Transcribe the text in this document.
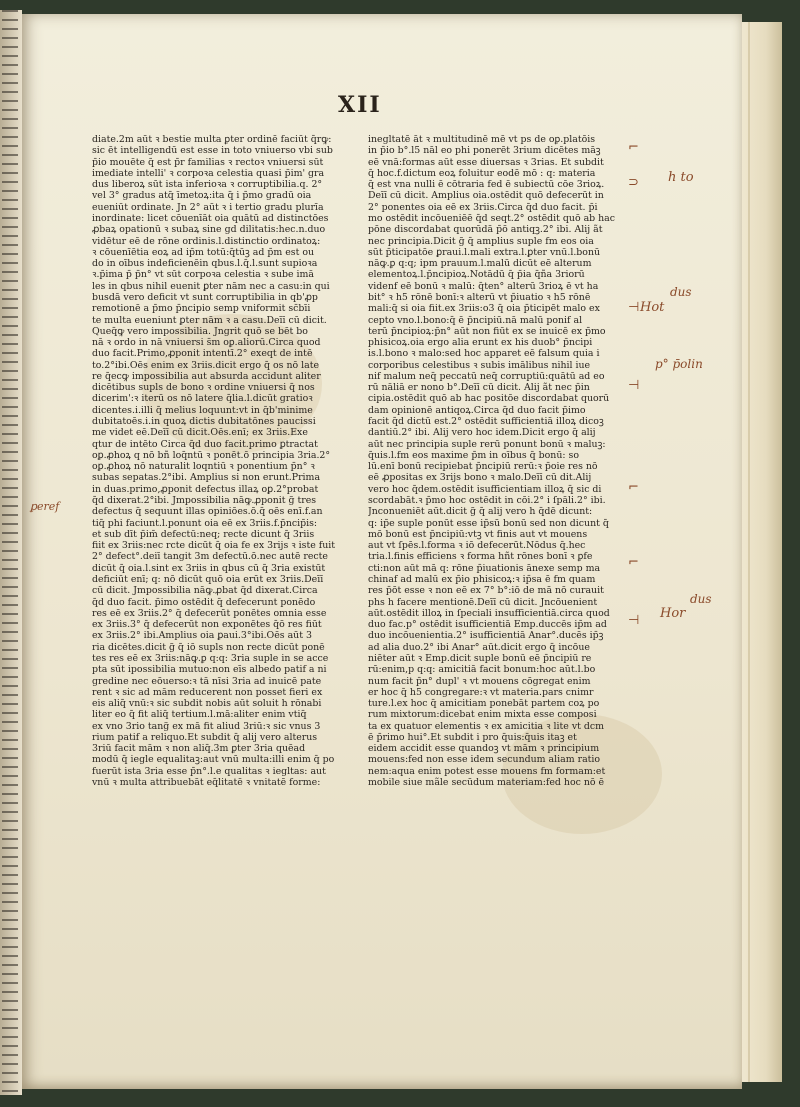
XII

diate.2m aūt ꝛ bestie multa ꝑter ordinē faciūt q̄rꝙ:

sic ēt intelligendū est esse in toto vniuerso vbi sub

p̄io mouēte q̄ est p̄r familias ꝛ rectoꝛ vniuersi sūt

imediate intelli' ꝛ corpoꝛa celestia quasi p̄im' gra

dus liberoꝝ sūt ista inferioꝛa ꝛ corruptibilia.q. 2°

vel 3° gradus atq̄ īmetoꝝ:ita q̄ i p̄mo gradū oia

eueniūt ordinate. Jn 2° aūt ꝛ i tertio gradu plurīa

inordinate: licet cōuenīāt oia quātū ad distinctōes

ꝓbaꝝ opationū ꝛ subaꝝ sine gd dilitatis:hec.n.duo

vidētur eē de rōne ordinis.l.distinctio ordinatoꝝ:

ꝛ cōuenīētia eoꝝ ad ip̄m totū:q̄tūꝫ ad p̄m est ou

do in oībus indeficienēin qbus.l.q̄.l.sunt supioꝛa

ꝛ.p̄ima p̄ p̄n° vt sūt corpoꝛa celestia ꝛ sube imā

les in qbus nihil euenit ꝑter nām nec a casu:in qui

busdā vero deficit vt sunt corruptibilia in qb'ꝓp

remotionē a p̄mo p̄ncipio semp vniformit sc̄bīi

te multa eueniunt ꝑter nām ꝛ a casu.Deīī cū dicit.

Queq̄ꝙ vero impossibilia. Jngrit quō se bēt bo

nā ꝛ ordo in nā vniuersi s̄m oꝑ.aliorū.Circa quod

duo facit.Primo,ꝓponit intentī.2° exeqt̄ de intē

to.2°ibi.Oēs enim ex 3riis.dicit ergo q̄ os nō late

re q̄ecꝙ impossibilia aut absurda accidunt aliter

dicētibus supls de bono ꝛ ordine vniuersi q̄ nos

dicerim':ꝛ iterū os nō latere q̄lia.l.dicūt gratioꝛ

dicentes.i.illi q̄ melius loquunt:vt in q̄b'minime

dubitatoēs.i.in quoꝝ dictis dubitatōnes paucissi

me videt eē.Deīī cū dicit.Oēs.enī; ex 3riis.Exe

qtur de intēto Circa q̄d duo facit.primo ꝑtractat

oꝑ.ꝓhoꝝ q nō bñ loq̄ntū ꝛ ponēt.ō principia 3ria.2°

oꝑ.ꝓhoꝝ nō naturalit loqntiū ꝛ ponentium p̄n° ꝛ

subas sepatas.2°ibi. Amplius si non erunt.Prima

in duas.primo,ꝓponit defectus illaꝝ oꝑ.2°probat

q̄d dixerat.2°ibi. Jmpossibilia nāꝙ.ꝓponit g̃ tres

defectus q̄ sequunt illas opiniōes.ō.q̄ oēs enī.f.an

tiq̄ phi faciunt.l.ponunt oia eē ex 3riis.f.p̄ncip̄is:

et sub dīt p̄im̄ defectū:neq; recte dicunt q̄ 3riis

fiit ex 3riis:nec rcte dicūt q̄ oia fe ex 3rijs ꝛ iste fuit

2° defect°.deiī tangit 3m defectū.ō.nec autē recte

dicūt q̄ oia.l.sint ex 3riis in qbus cū q̄ 3ria existūt

deficiūt enī; q: nō dicūt quō oia erūt ex 3riis.Deīī

cū dicit. Jmpossibilia nāꝙ.ꝓbat q̄d dixerat.Circa

q̄d duo facit. p̄imo ostēdit q̄ defecerunt ponēdo

res eē ex 3riis.2° q̄ defecerūt ponētes omnia esse

ex 3riis.3° q̄ defecerūt non exponētes q̄ō res fiūt

ex 3riis.2° ibi.Amplius oia ꝑaui.3°ibi.Oēs aūt 3

ria dicētes.dicit g̃ q̄ iō supls non recte dicūt ponē

tes res eē ex 3riis:nāꝙ.ꝑ q:q: 3ria suple in se acce

pta sūt ipossibilia mutuo:non eīs albedo patif a ni

gredine nec eōuerso:ꝛ tā nīsi 3ria ad inuicē pate

rent ꝛ sic ad mām reducerent non posset fieri ex

eis aliq̄ vnū:ꝛ sic subdit nobis aūt soluit h̄ rōnabi

liter eo q̄ fit aliq̄ tertium.l.mā:aliter enim vtiq̄

ex vno 3rio tang̃ ex mā fit aliud 3riū:ꝛ sic vnus 3

rium patif a reliquo.Et subdit q̄ alij vero alterus

3riū facit mām ꝛ non aliq̄.3m ꝑter 3ria quēad

modū q̄ iegle equalitaꝫ:aut vnū multa:illi enim q̄ po

fuerūt ista 3ria esse p̄n°.l.e qualitas ꝛ iegltas: aut

vnū ꝛ multa attribuebāt eq̄litatē ꝛ vnitatē forme:

inegltatē āt ꝛ multitudinē mē vt ps de oꝑ.platōis

in p̄io b°.l5 nāl eo phi ponerēt 3rium dicētes māꝫ

eē vnā:formas aūt esse diuersas ꝛ 3rias. Et subdit

q̄ hoc.f.dictum eoꝝ foluitur eodē mō : q: materia

q̄ est vna nulli ē cōtraria fed ē subiectū cōe 3rioꝝ.

Deīī cū dicit. Amplius oia.ostēdit quō defecerūt in

2° ponentes oia eē ex 3riis.Circa q̄d duo facit. p̄i

mo ostēdit incōueniēē q̄d seqt.2° ostēdit quō ab hac

pōne discordabat quorūdā p̄ō antiqꝫ.2° ibi. Alij ãt

nec principia.Dicit g̃ q̄ amplius suple fm eos oia

sūt p̄ticipatōe ꝑraui.l.mali extra.l.ꝑter vnū.l.bonū

nāꝙ.ꝑ q:q; ipm prauum.l.malū dicūt eē alterum

elementoꝝ.l.p̄ncipioꝝ.Notādū q̄ p̄ia q̄ña 3riorū

videnf eē bonū ꝛ malū: q̄ten° alterū 3rioꝝ ē vt ha

bit° ꝛ h5 rōnē bonī:ꝛ alterū vt p̄iuatio ꝛ h5 rōnē

mali:q̄ si oia fiit.ex 3riis:o3 q̄ oia p̄ticipēt malo ex

cepto vno.l.bono:q̄ ē p̄ncipiū.nā malū ponif al

terū p̄ncipioꝝ:p̄n° aūt non fiūt ex se inuicē ex p̄mo

phisicoꝝ.oia ergo alia erunt ex his duob° p̄ncipi

is.l.bono ꝛ malo:sed hoc apparet eē falsum quia i

corporibus celestibus ꝛ subis imālibus nihil iue

nif malum neq̄ peccatū neq̄ corruptiū:quātū ad eo

rū nāliā er nono b°.Deīī cū dicit. Alij ãt nec p̄in

cipia.ostēdit quō ab hac positōe discordabat quorū

dam opinionē antiqoꝝ.Circa q̄d duo facit p̄imo

facit q̄d dictū est.2° ostēdit sufficientiā illoꝝ dicoꝫ

dantiū.2° ibi. Alij vero hoc idem.Dicit ergo q̄ alij

aūt nec principia suple rerū ponunt bonū ꝛ maluꝫ:

q̄uis.l.fm eos maxime p̄m in oībus q̄ bonū: so

lū.enī bonū recipiebat p̄ncipiū rerū:ꝛ p̄oie res nō

eē ꝓpositas ex 3rijs bono ꝛ malo.Deīī cū dit.Alij

vero hoc q̄dem.ostēdit isufficientiam illoꝝ q̄ sic di

scordabāt.ꝛ p̄mo hoc ostēdit in cōi.2° i ſpāli.2° ibi.

Jnconueniēt aūt.dicit g̃ q̄ alij vero h q̄dē dicunt:

q: ip̄e suple ponūt esse ip̄sū bonū sed non dicunt q̄

mō bonū est p̄ncipiū:vtꝫ vt finis aut vt mouens

aut vt ſpēs.l.forma ꝛ iō defecerūt.Nōdus q̄.hec

tria.l.finis efficiens ꝛ forma hñt rōnes bonī ꝛ ꝑfe

cti:non aūt mā q: rōne p̄iuationis ānexe semp ma

chinaf ad malū ex p̄io phisicoꝝ:ꝛ ip̄sa ē fm quam

res p̄ōt esse ꝛ non eē ex 7° b°:iō de mā nō curauit

ph̄s h facere mentionē.Deīī cū dicit. Jncōuenient

aūt.ostēdit illoꝝ in ſpeciali insufficientiā.circa quod

duo fac.p° ostēdit isufficientiā Emp.duccēs ip̄m ad

duo incōuenientia.2° isufficientiā Anar°.ducēs ip̄ꝫ

ad alia duo.2° ibi Anar° aūt.dicit ergo q̄ incōue

niēter aūt ꝛ Emp.dicit suple bonū eē p̄ncipiū re

rū:enim,p q:q: amicitiā facit bonum:hoc aūt.l.bo

num facit p̄n° dupl' ꝛ vt mouens cōgregat enim

er hoc q̄ h5 congregare:ꝛ vt materia.pars cnimr

ture.l.ex hoc q̄ amicitiam ponebāt partem coꝝ po

rum mixtorum:dicebat enim mixta esse composi

ta ex quatuor elementis ꝛ ex amicitia ꝛ lite vt dcm

ē p̄rimo hui°.Et subdit i pro q̄uis:q̄uis itaꝫ et

eidem accidit esse quandoꝫ vt mām ꝛ principium

mouens:fed non esse idem secundum aliam ratio

nem:aqua enim potest esse mouens fm formam:et

mobile siue mãle secūdum materiam:fed hoc nō ē

ꝑeref
⌐
h to
⊃
dus
Hot
⊣
p° p̄olin
⊣
⌐
⌐
dus
Hor
⊣
